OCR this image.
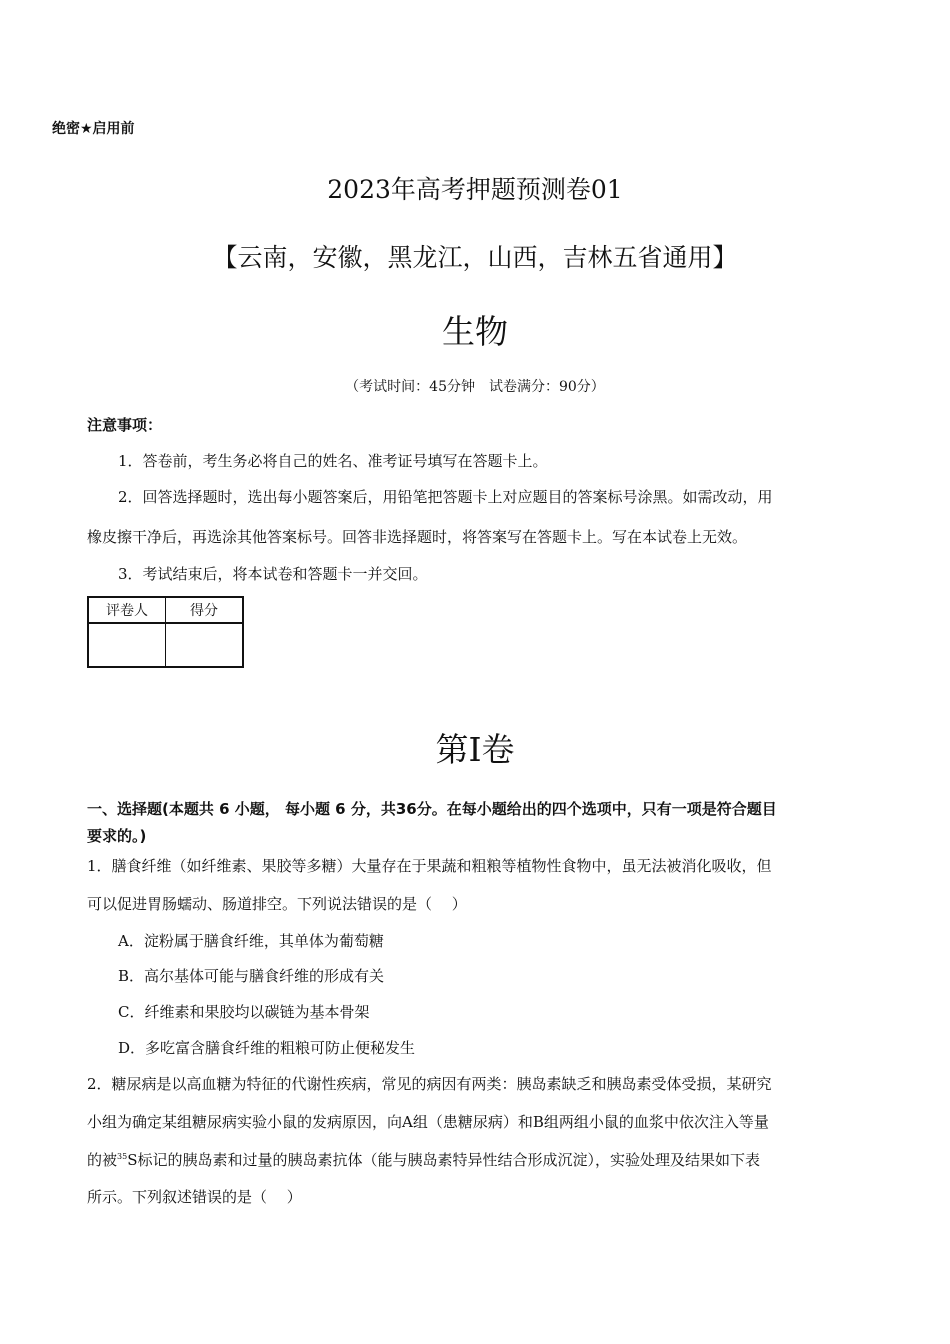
绝密★启用前
2023年高考押题预测卷01
【云南，安徽，黑龙江，山西，吉林五省通用】
生物
（考试时间：45分钟　试卷满分：90分）
注意事项：
1．答卷前，考生务必将自己的姓名、准考证号填写在答题卡上。
2．回答选择题时，选出每小题答案后，用铅笔把答题卡上对应题目的答案标号涂黑。如需改动，用
橡皮擦干净后，再选涂其他答案标号。回答非选择题时，将答案写在答题卡上。写在本试卷上无效。
3．考试结束后，将本试卷和答题卡一并交回。
评卷人	得分

第I卷
一、选择题(本题共 6 小题， 每小题 6 分，共36分。在每小题给出的四个选项中，只有一项是符合题目
要求的。)
1．膳食纤维（如纤维素、果胶等多糖）大量存在于果蔬和粗粮等植物性食物中，虽无法被消化吸收，但
可以促进胃肠蠕动、肠道排空。下列说法错误的是（　 ）
A．淀粉属于膳食纤维，其单体为葡萄糖
B．高尔基体可能与膳食纤维的形成有关
C．纤维素和果胶均以碳链为基本骨架
D．多吃富含膳食纤维的粗粮可防止便秘发生
2．糖尿病是以高血糖为特征的代谢性疾病，常见的病因有两类：胰岛素缺乏和胰岛素受体受损，某研究
小组为确定某组糖尿病实验小鼠的发病原因，向A组（患糖尿病）和B组两组小鼠的血浆中依次注入等量
的被$^{35}$S标记的胰岛素和过量的胰岛素抗体（能与胰岛素特异性结合形成沉淀），实验处理及结果如下表
所示。下列叙述错误的是（　 ）
